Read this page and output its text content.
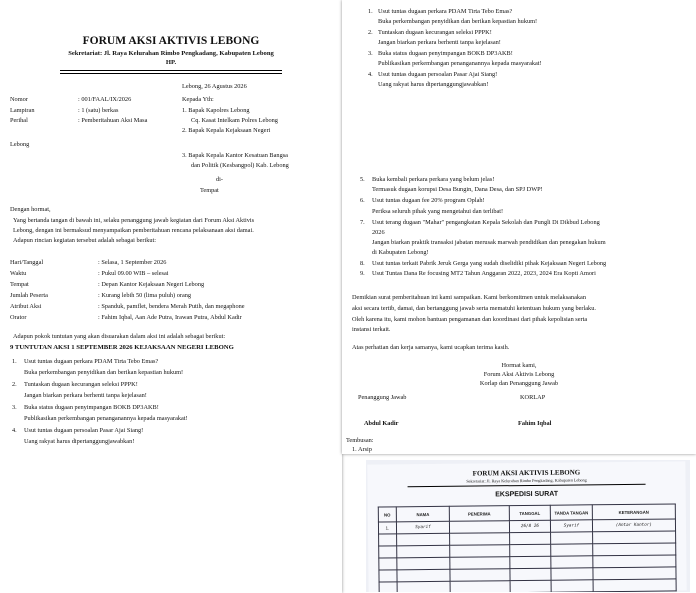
FORUM AKSI AKTIVIS LEBONG
Sekretariat: Jl. Raya Kelurahan Rimbo Pengkadang, Kabupaten Lebong
HP.
Lebong, 26 Agustus 2026
Kepada Yth:
Nomor	: 001/FAAL/IX/2026
Lampiran	: 1 (satu) berkas
Perihal	: Pemberitahuan Aksi Masa
1. Bapak Kapolres Lebong
Cq. Kasat Intelkam Polres Lebong
2. Bapak Kepala Kejaksaan Negeri
Lebong
3. Bapak Kepala Kantor Kesatuan Bangsa
dan Politik (Kesbangpol) Kab. Lebong
di-
Tempat
Dengan hormat,
Yang bertanda tangan di bawah ini, selaku penanggung jawab kegiatan dari Forum Aksi Aktivis
Lebong, dengan ini bermaksud menyampaikan pemberitahuan rencana pelaksanaan aksi damai.
Adapun rincian kegiatan tersebut adalah sebagai berikut:
Hari/Tanggal	: Selasa, 1 September 2026
Waktu	: Pukul 09.00 WIB – selesai
Tempat	: Depan Kantor Kejaksaan Negeri Lebong
Jumlah Peserta	: Kurang lebih 50 (lima puluh) orang
Atribut Aksi	: Spanduk, pamflet, bendera Merah Putih, dan megaphone
Orator	: Fahim Iqbal, Aan Ade Putra, Irawan Putra, Abdul Kadir
Adapun pokok tuntutan yang akan disuarakan dalam aksi ini adalah sebagai berikut:
9 TUNTUTAN AKSI 1 SEPTEMBER 2026 KEJAKSAAN NEGERI LEBONG
1. Usut tuntas dugaan perkara PDAM Tirta Tebo Emas?
Buka perkembangan penyidikan dan berikan kepastian hukum!
2. Tuntaskan dugaan kecurangan seleksi PPPK!
Jangan biarkan perkara berhenti tanpa kejelasan!
3. Buka status dugaan penyimpangan BOKB DP3AKB!
Publikasikan perkembangan penanganannya kepada masyarakat!
4. Usut tuntas dugaan persoalan Pasar Ajai Siang!
Uang rakyat harus dipertanggungjawabkan!
1. Usut tuntas dugaan perkara PDAM Tirta Tebo Emas?
Buka perkembangan penyidikan dan berikan kepastian hukum!
2. Tuntaskan dugaan kecurangan seleksi PPPK!
Jangan biarkan perkara berhenti tanpa kejelasan!
3. Buka status dugaan penyimpangan BOKB DP3AKB!
Publikasikan perkembangan penanganannya kepada masyarakat!
4. Usut tuntas dugaan persoalan Pasar Ajai Siang!
Uang rakyat harus dipertanggungjawabkan!
5. Buka kembali perkara perkara yang belum jelas!
Termasuk dugaan korupsi Desa Bungin, Dana Desa, dan SPJ DWP!
6. Usut tuntas dugaan fee 20% program Oplah!
Periksa seluruh pihak yang mengetahui dan terlibat!
7. Usut terang dugaan "Mahar" pengangkatan Kepala Sekolah dan Pungli Di Dikbud Lebong
2026
Jangan biarkan praktik transaksi jabatan merusak marwah pendidikan dan penegakan hukum
di Kabupaten Lebong!
8. Usut tuntas terkait Pabrik Jeruk Gerga yang sudah diselidiki pihak Kejaksaan Negeri Lebong
9. Usut Tuntas Dana Re focusing MT2 Tahun Anggaran 2022, 2023, 2024 Era Kopti Amori
Demikian surat pemberitahuan ini kami sampaikan. Kami berkomitmen untuk melaksanakan
aksi secara tertib, damai, dan bertanggung jawab serta mematuhi ketentuan hukum yang berlaku.
Oleh karena itu, kami mohon bantuan pengamanan dan koordinasi dari pihak kepolisian serta
instansi terkait.
Atas perhatian dan kerja samanya, kami ucapkan terima kasih.
Hormat kami,
Forum Aksi Aktivis Lebong
Korlap dan Penanggung Jawab
Penanggung Jawab	KORLAP
Abdul Kadir	Fahim Iqbal
Tembusan:
1. Arsip
FORUM AKSI AKTIVIS LEBONG
Sekretariat: Jl. Raya Kelurahan Rimbo Pengkadang, Kabupaten Lebong
EKSPEDISI SURAT
NO	NAMA	PENERIMA	TANGGAL	TANDA TANGAN	KETERANGAN
1.	Syarif		26/8 26	Syarif	(Antar Kantor)
